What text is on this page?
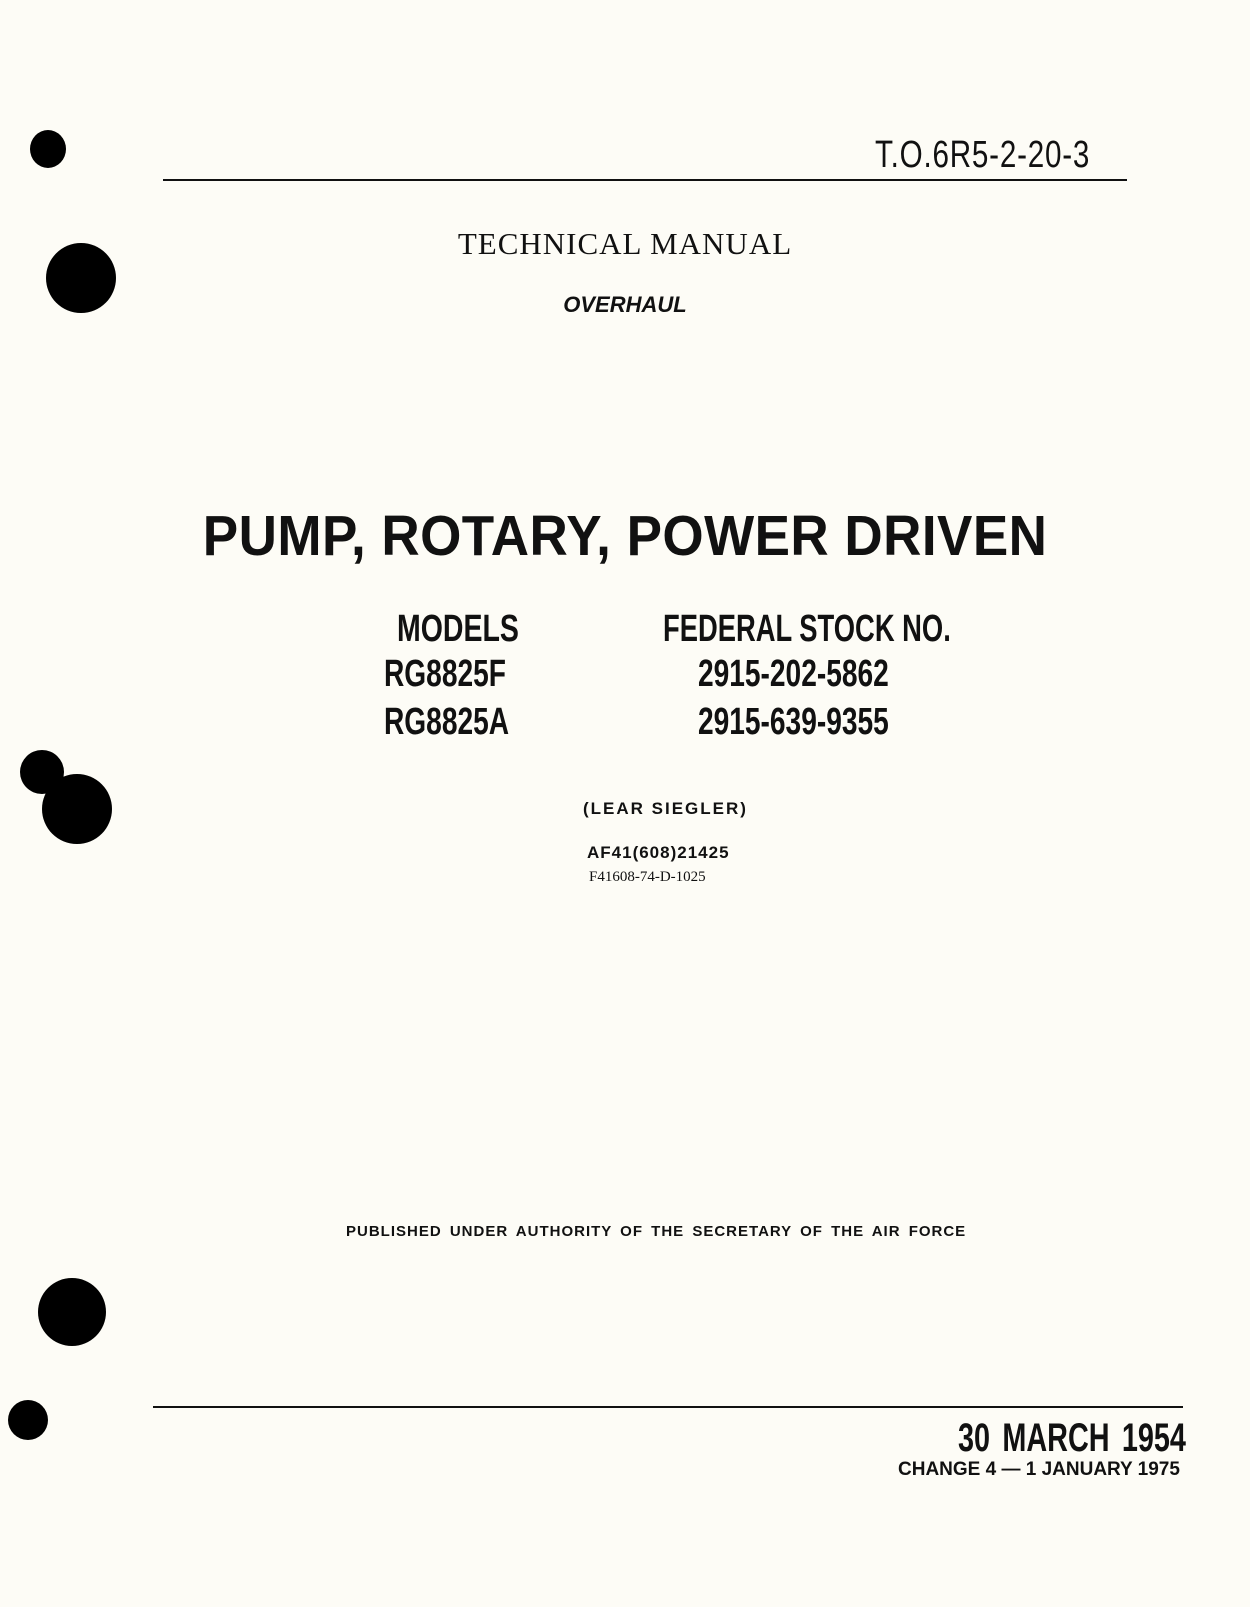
T.O.6R5-2-20-3
TECHNICAL MANUAL
OVERHAUL
PUMP, ROTARY, POWER DRIVEN
MODELS	FEDERAL STOCK NO.
RG8825F	2915-202-5862
RG8825A	2915-639-9355
(LEAR SIEGLER)
AF41(608)21425
F41608-74-D-1025
PUBLISHED UNDER AUTHORITY OF THE SECRETARY OF THE AIR FORCE
30 MARCH 1954
CHANGE 4 — 1 JANUARY 1975
